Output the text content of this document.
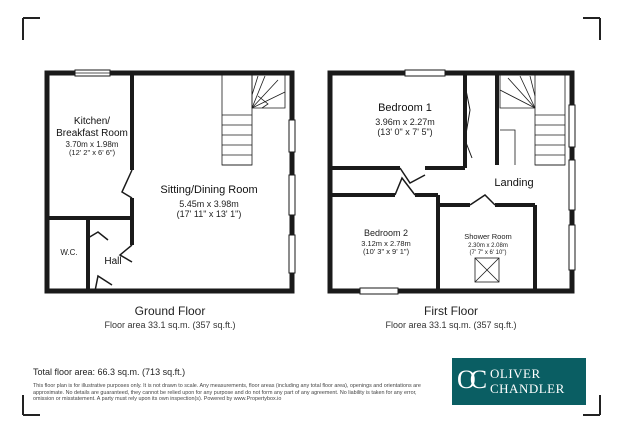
Kitchen/
Breakfast Room
3.70m x 1.98m
(12' 2" x 6' 6")
Sitting/Dining Room
5.45m x 3.98m
(17' 11" x 13' 1")
W.C.
Hall
Ground Floor
Floor area 33.1 sq.m. (357 sq.ft.)
Bedroom 1
3.96m x 2.27m
(13' 0" x 7' 5")
Landing
Bedroom 2
3.12m x 2.78m
(10' 3" x 9' 1")
Shower Room
2.30m x 2.08m
(7' 7" x 6' 10")
First Floor
Floor area 33.1 sq.m. (357 sq.ft.)
Total floor area: 66.3 sq.m. (713 sq.ft.)
This floor plan is for illustrative purposes only. It is not drawn to scale. Any measurements, floor areas (including any total floor area), openings and orientations are approximate. No details are guaranteed, they cannot be relied upon for any purpose and do not form any part of any agreement. No liability is taken for any error, omission or misstatement. A party must rely upon its own inspection(s). Powered by www.Propertybox.io
OC OLIVER
CHANDLER
